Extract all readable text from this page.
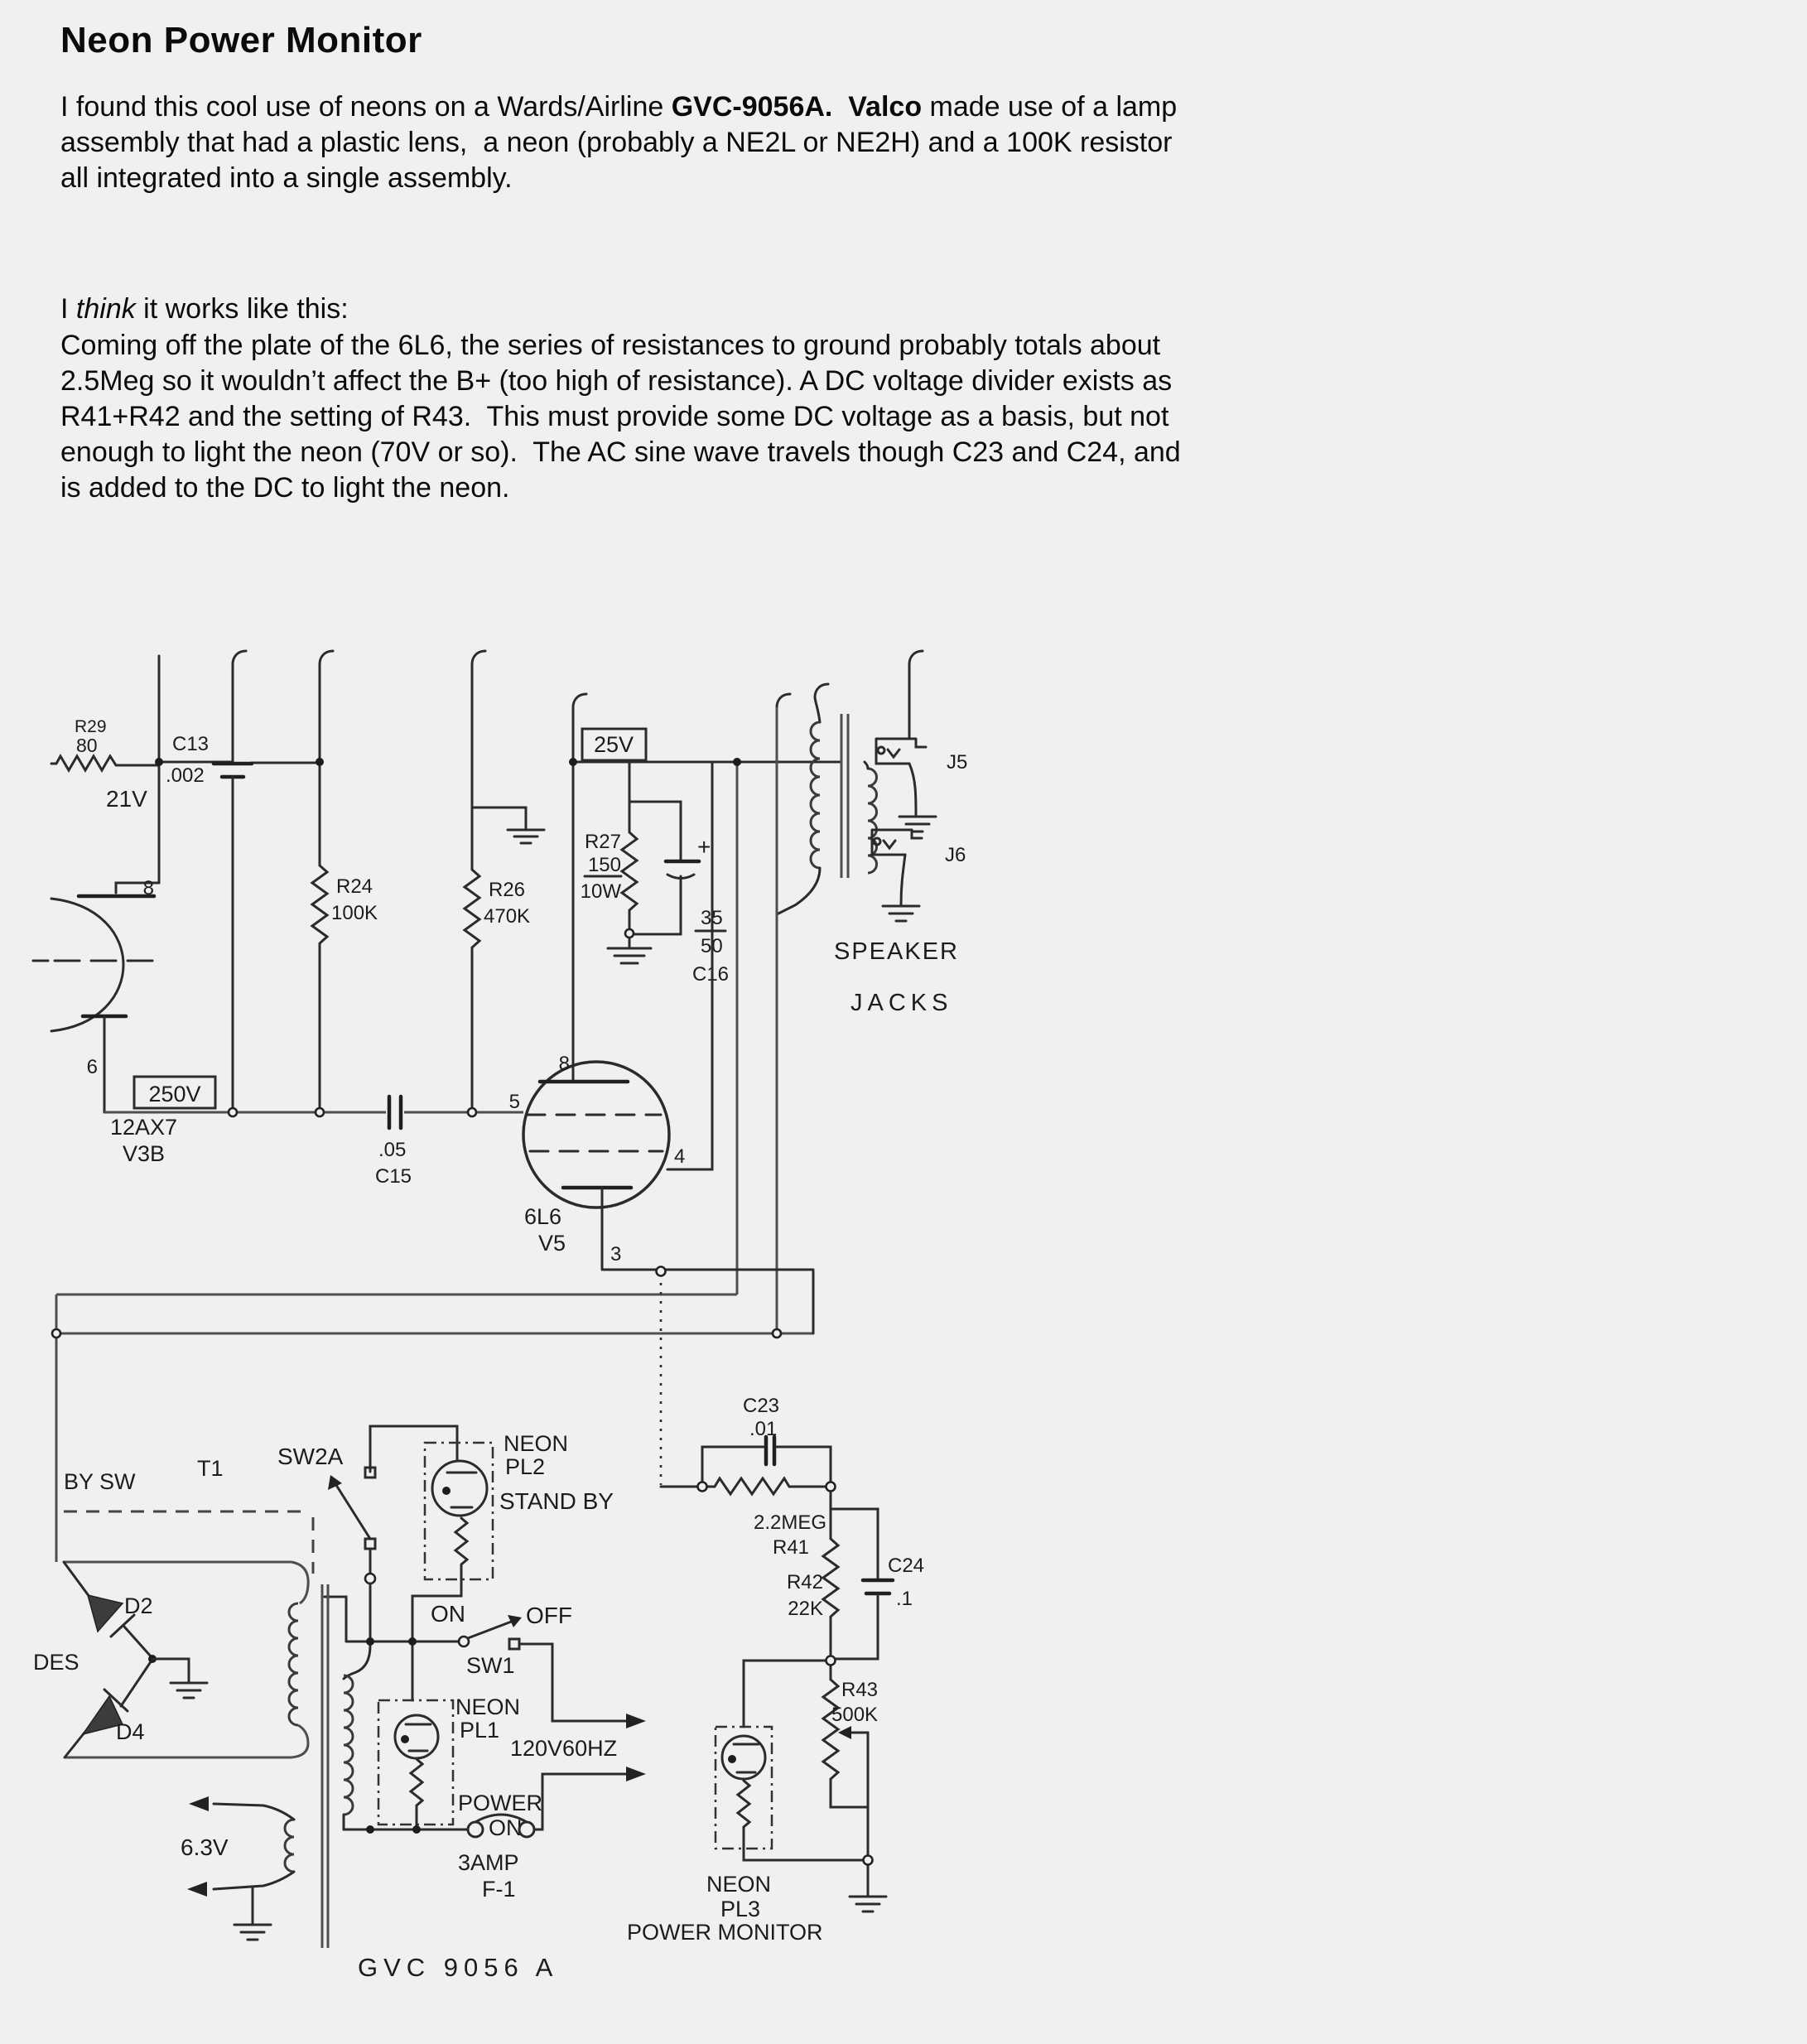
Neon Power Monitor
I found this cool use of neons on a Wards/Airline GVC-9056A.  Valco made use of a lamp assembly that had a plastic lens,  a neon (probably a NE2L or NE2H) and a 100K resistor all integrated into a single assembly.
I think it works like this:
Coming off the plate of the 6L6, the series of resistances to ground probably totals about 2.5Meg so it wouldn’t affect the B+ (too high of resistance). A DC voltage divider exists as R41+R42 and the setting of R43.  This must provide some DC voltage as a basis, but not enough to light the neon (70V or so).  The AC sine wave travels though C23 and C24, and is added to the DC to light the neon.
8
6
250V
12AX7
V3B
R29
80
21V
C13
.002
R24
100K
R26
470K
25V
R27
150
10W
+
35
50
C16
J5
J6
SPEAKER
JACKS
.05
C15
8
5
4
3
6L6
V5
C23
.01
2.2MEG
R41
R42
22K
C24
.1
R43
500K
NEON
PL3
POWER MONITOR
BY SW
T1 SW2A	NEON
PL2
STAND BY
ON	OFF
SW1
NEON
PL1
120V60HZ
POWER
ON
3AMP
F-1
6.3V
D2
D4
DES
GVC 9056 A
